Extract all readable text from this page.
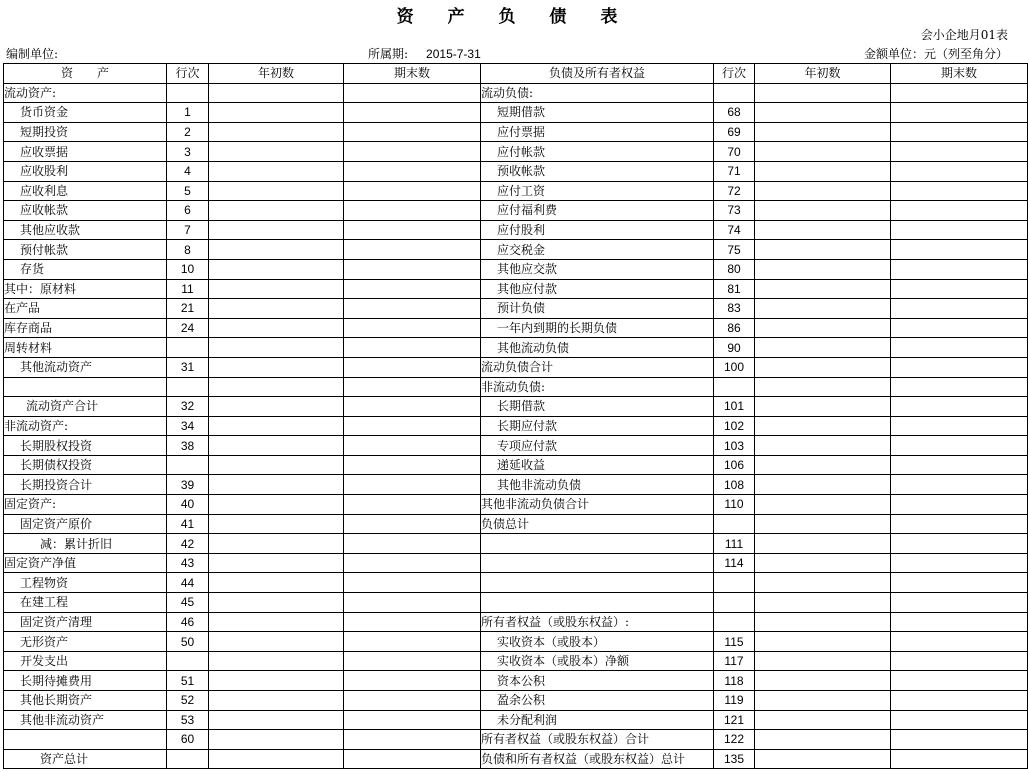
资 产 负 债 表
会小企地月01表
编制单位:	所属期: 2015-7-31	金额单位：元（列至角分）
资　　产	行次	年初数	期末数	负债及所有者权益	行次	年初数	期末数
流动资产:				流动负债:			
货币资金	1			短期借款	68		
短期投资	2			应付票据	69		
应收票据	3			应付帐款	70		
应收股利	4			预收帐款	71		
应收利息	5			应付工资	72		
应收帐款	6			应付福利费	73		
其他应收款	7			应付股利	74		
预付帐款	8			应交税金	75		
存货	10			其他应交款	80		
其中：原材料	11			其他应付款	81		
在产品	21			预计负债	83		
库存商品	24			一年内到期的长期负债	86		
周转材料				其他流动负债	90		
其他流动资产	31			流动负债合计	100		
				非流动负债:			
流动资产合计	32			长期借款	101		
非流动资产:	34			长期应付款	102		
长期股权投资	38			专项应付款	103		
长期债权投资				递延收益	106		
长期投资合计	39			其他非流动负债	108		
固定资产:	40			其他非流动负债合计	110		
固定资产原价	41			负债总计			
减：累计折旧	42				111		
固定资产净值	43				114		
工程物资	44						
在建工程	45						
固定资产清理	46			所有者权益（或股东权益）:			
无形资产	50			实收资本（或股本）	115		
开发支出				实收资本（或股本）净额	117		
长期待摊费用	51			资本公积	118		
其他长期资产	52			盈余公积	119		
其他非流动资产	53			未分配利润	121		
	60			所有者权益（或股东权益）合计	122		
资产总计				负债和所有者权益（或股东权益）总计	135		
